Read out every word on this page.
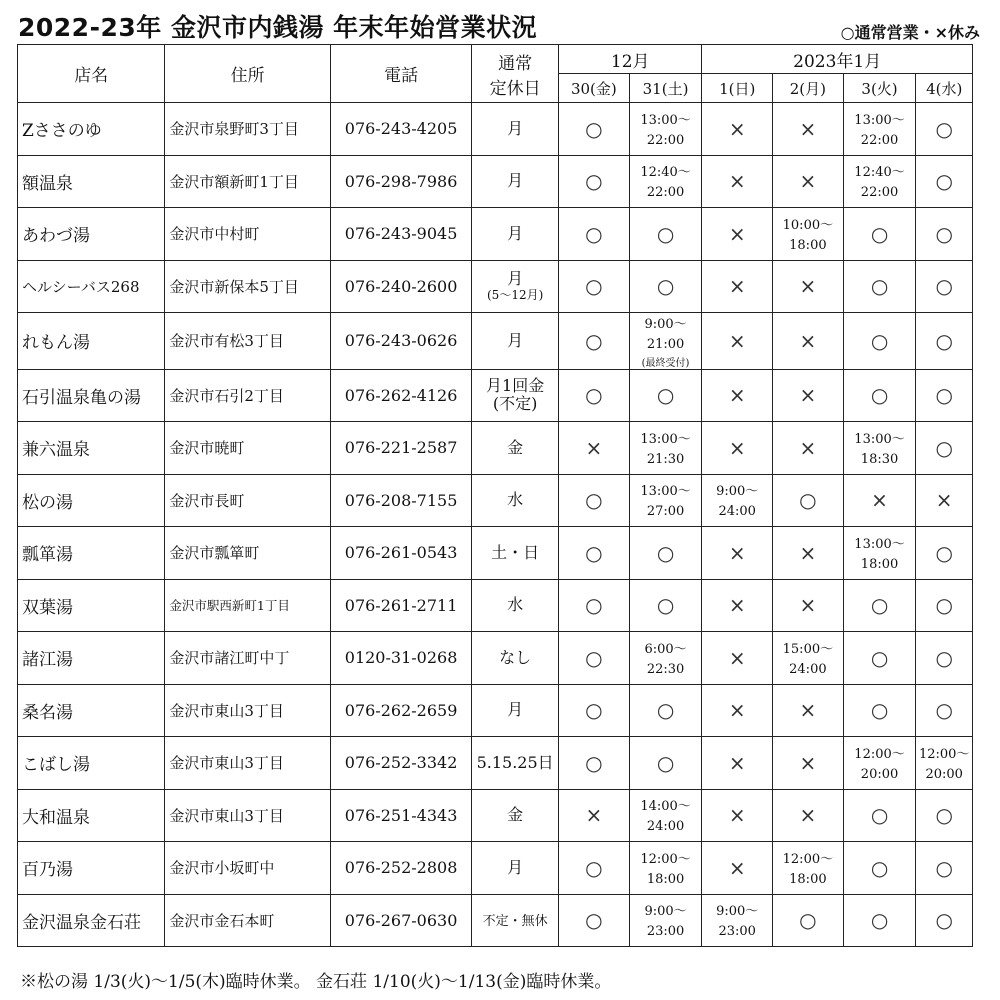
2022-23年 金沢市内銭湯 年末年始営業状況	○通常営業・×休み
店名	住所	電話	通常
定休日	12月		2023年1月			
				30(金)	31(土)	1(日)	2(月)	3(火)	4(水)
Zささのゆ	金沢市泉野町3丁目	076-243-4205	月	○	13:00～
22:00	×	×	13:00～
22:00	○
額温泉	金沢市額新町1丁目	076-298-7986	月	○	12:40～
22:00	×	×	12:40～
22:00	○
あわづ湯	金沢市中村町	076-243-9045	月	○	○	×	10:00～
18:00	○	○
ヘルシーバス268	金沢市新保本5丁目	076-240-2600	月
(5～12月)	○	○	×	×	○	○
れもん湯	金沢市有松3丁目	076-243-0626	月	○	9:00～
21:00
(最終受付)	×	×	○	○
石引温泉亀の湯	金沢市石引2丁目	076-262-4126	月1回金
(不定)	○	○	×	×	○	○
兼六温泉	金沢市暁町	076-221-2587	金	×	13:00～
21:30	×	×	13:00～
18:30	○
松の湯	金沢市長町	076-208-7155	水	○	13:00～
27:00	9:00～
24:00	○	×	×
瓢箪湯	金沢市瓢箪町	076-261-0543	土・日	○	○	×	×	13:00～
18:00	○
双葉湯	金沢市駅西新町1丁目	076-261-2711	水	○	○	×	×	○	○
諸江湯	金沢市諸江町中丁	0120-31-0268	なし	○	6:00～
22:30	×	15:00～
24:00	○	○
桑名湯	金沢市東山3丁目	076-262-2659	月	○	○	×	×	○	○
こばし湯	金沢市東山3丁目	076-252-3342	5.15.25日	○	○	×	×	12:00～
20:00	12:00～
20:00
大和温泉	金沢市東山3丁目	076-251-4343	金	×	14:00～
24:00	×	×	○	○
百乃湯	金沢市小坂町中	076-252-2808	月	○	12:00～
18:00	×	12:00～
18:00	○	○
金沢温泉金石荘	金沢市金石本町	076-267-0630	不定・無休	○	9:00～
23:00	9:00～
23:00	○	○	○
※松の湯 1/3(火)～1/5(木)臨時休業。 金石荘 1/10(火)～1/13(金)臨時休業。
